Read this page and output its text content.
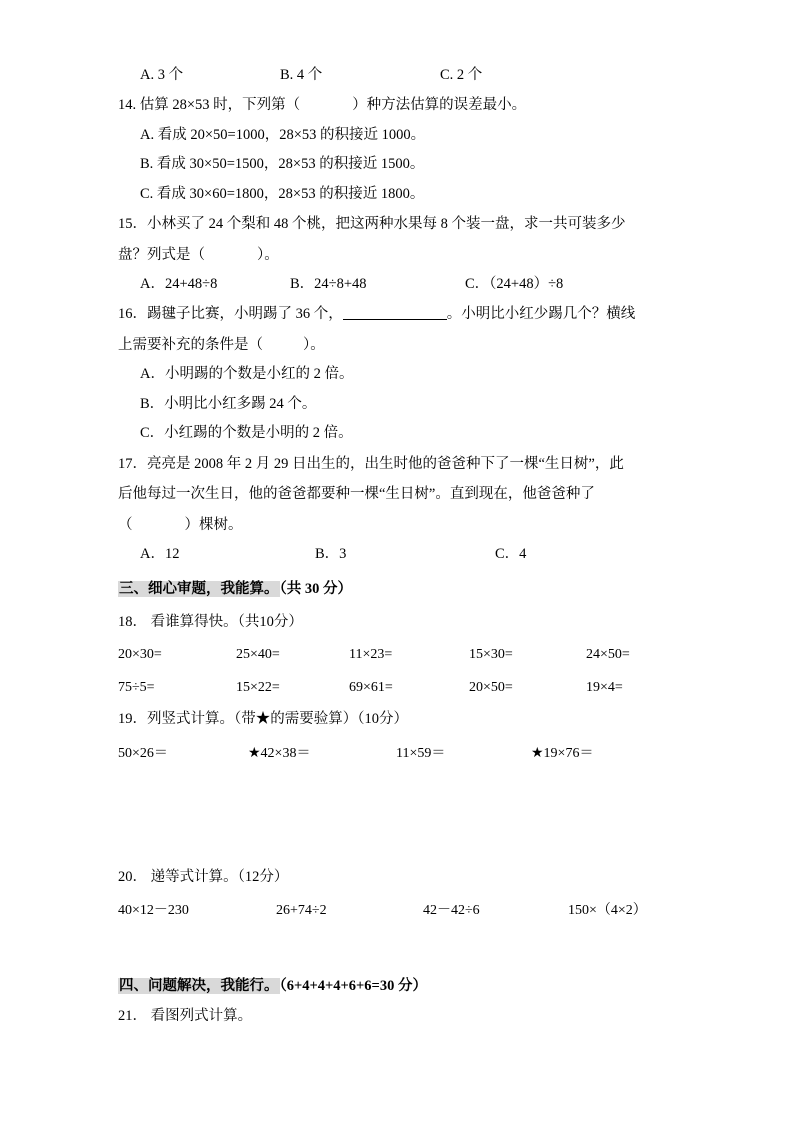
A. 3 个	B. 4 个	C. 2 个
14. 估算 28×53 时，下列第（	）种方法估算的误差最小。
A. 看成 20×50=1000，28×53 的积接近 1000。
B. 看成 30×50=1500，28×53 的积接近 1500。
C. 看成 30×60=1800，28×53 的积接近 1800。
15．小林买了 24 个梨和 48 个桃，把这两种水果每 8 个装一盘，求一共可装多少
盘？列式是（	）。
A．24+48÷8	B．24÷8+48	C．（24+48）÷8
16．踢毽子比赛，小明踢了 36 个，	。小明比小红少踢几个？横线
上需要补充的条件是（	）。
A．小明踢的个数是小红的 2 倍。
B．小明比小红多踢 24 个。
C．小红踢的个数是小明的 2 倍。
17．亮亮是 2008 年 2 月 29 日出生的，出生时他的爸爸种下了一棵“生日树”，此
后他每过一次生日，他的爸爸都要种一棵“生日树”。直到现在，他爸爸种了
（	）棵树。
A．12	B．3	C．4
三、细心审题，我能算。（共 30 分）
18． 看谁算得快。（共10分）
20×30=	25×40=	11×23=	15×30=	24×50=
75÷5=	15×22=	69×61=	20×50=	19×4=
19．列竖式计算。（带★的需要验算）（10分）
50×26＝	★42×38＝	11×59＝	★19×76＝
20． 递等式计算。（12分）
40×12－230	26+74÷2	42－42÷6	150×（4×2）
四、问题解决，我能行。（6+4+4+4+6+6=30 分）
21． 看图列式计算。
